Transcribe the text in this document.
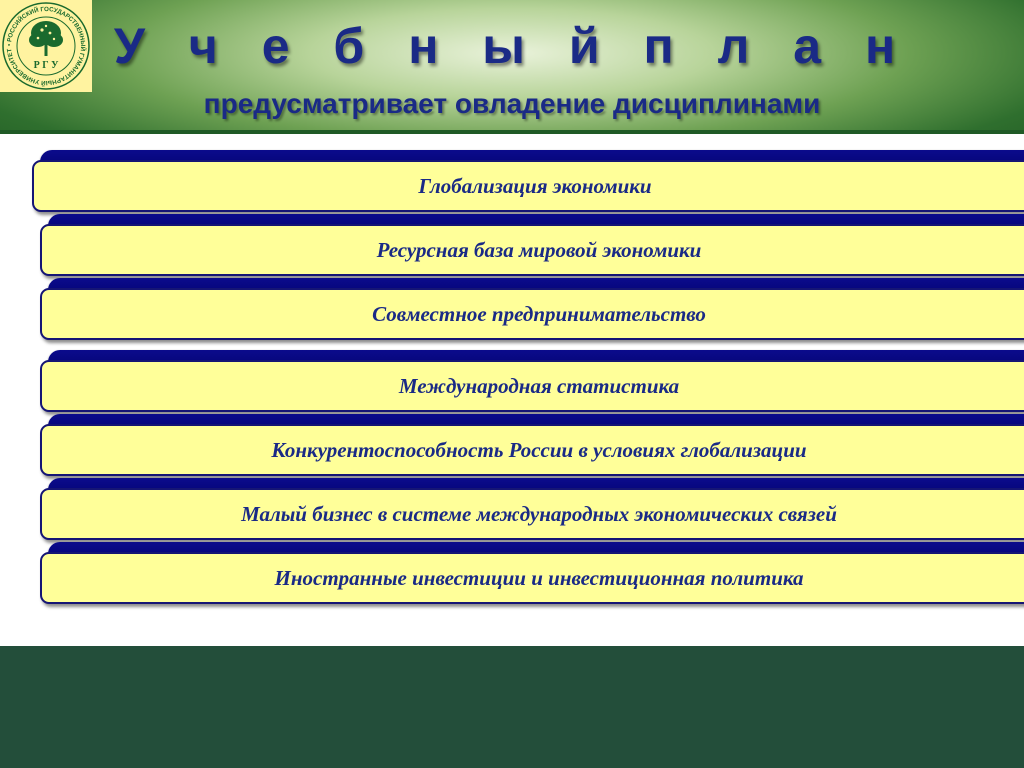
• РОССИЙСКИЙ ГОСУДАРСТВЕННЫЙ ГУМАНИТАРНЫЙ УНИВЕРСИТЕТ
Р Г У	У ч е б н ы й п л а н
предусматривает овладение дисциплинами
Глобализация экономики
Ресурсная база мировой экономики
Совместное предпринимательство
Международная статистика
Конкурентоспособность России в условиях глобализации
Малый бизнес в системе международных экономических связей
Иностранные инвестиции и инвестиционная политика
